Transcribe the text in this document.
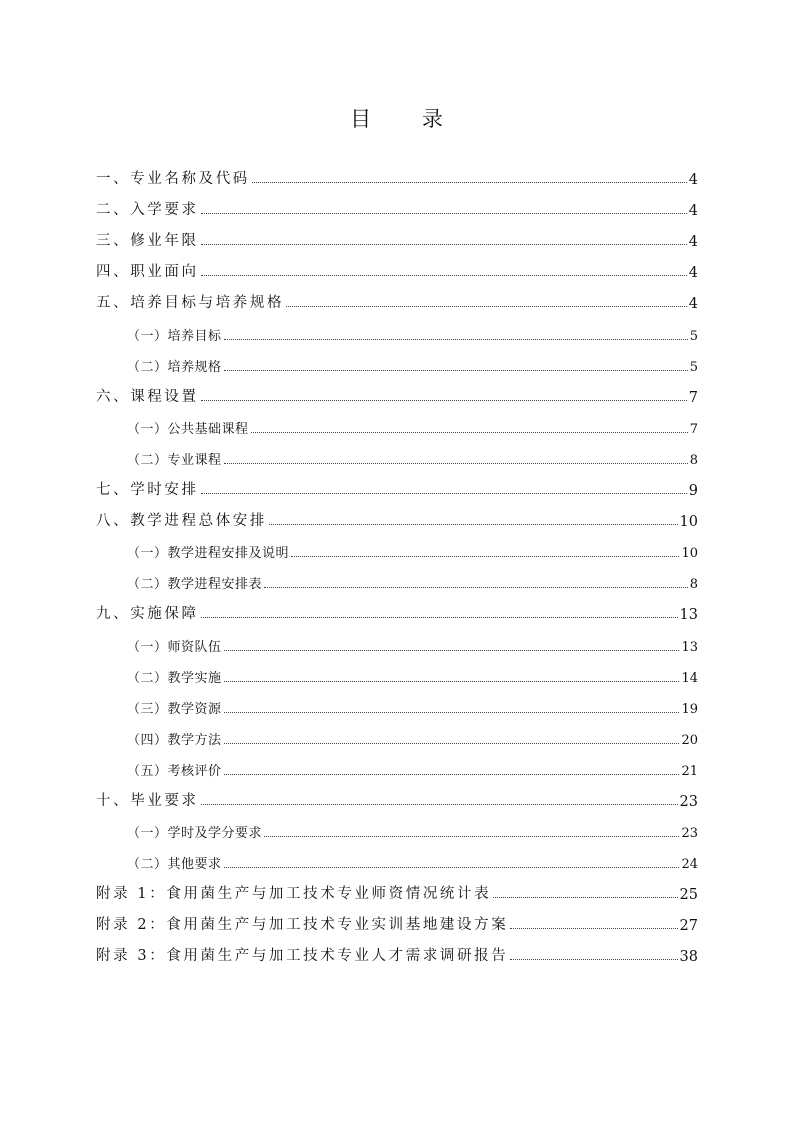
目 录
一、专业名称及代码	4
二、入学要求	4
三、修业年限	4
四、职业面向	4
五、培养目标与培养规格	4
（一）培养目标	5
（二）培养规格	5
六、课程设置	7
（一）公共基础课程	7
（二）专业课程	8
七、学时安排	9
八、教学进程总体安排	10
（一）教学进程安排及说明	10
（二）教学进程安排表	8
九、实施保障	13
（一）师资队伍	13
（二）教学实施	14
（三）教学资源	19
（四）教学方法	20
（五）考核评价	21
十、毕业要求	23
（一）学时及学分要求	23
（二）其他要求	24
附录 1：食用菌生产与加工技术专业师资情况统计表	25
附录 2：食用菌生产与加工技术专业实训基地建设方案	27
附录 3：食用菌生产与加工技术专业人才需求调研报告	38
